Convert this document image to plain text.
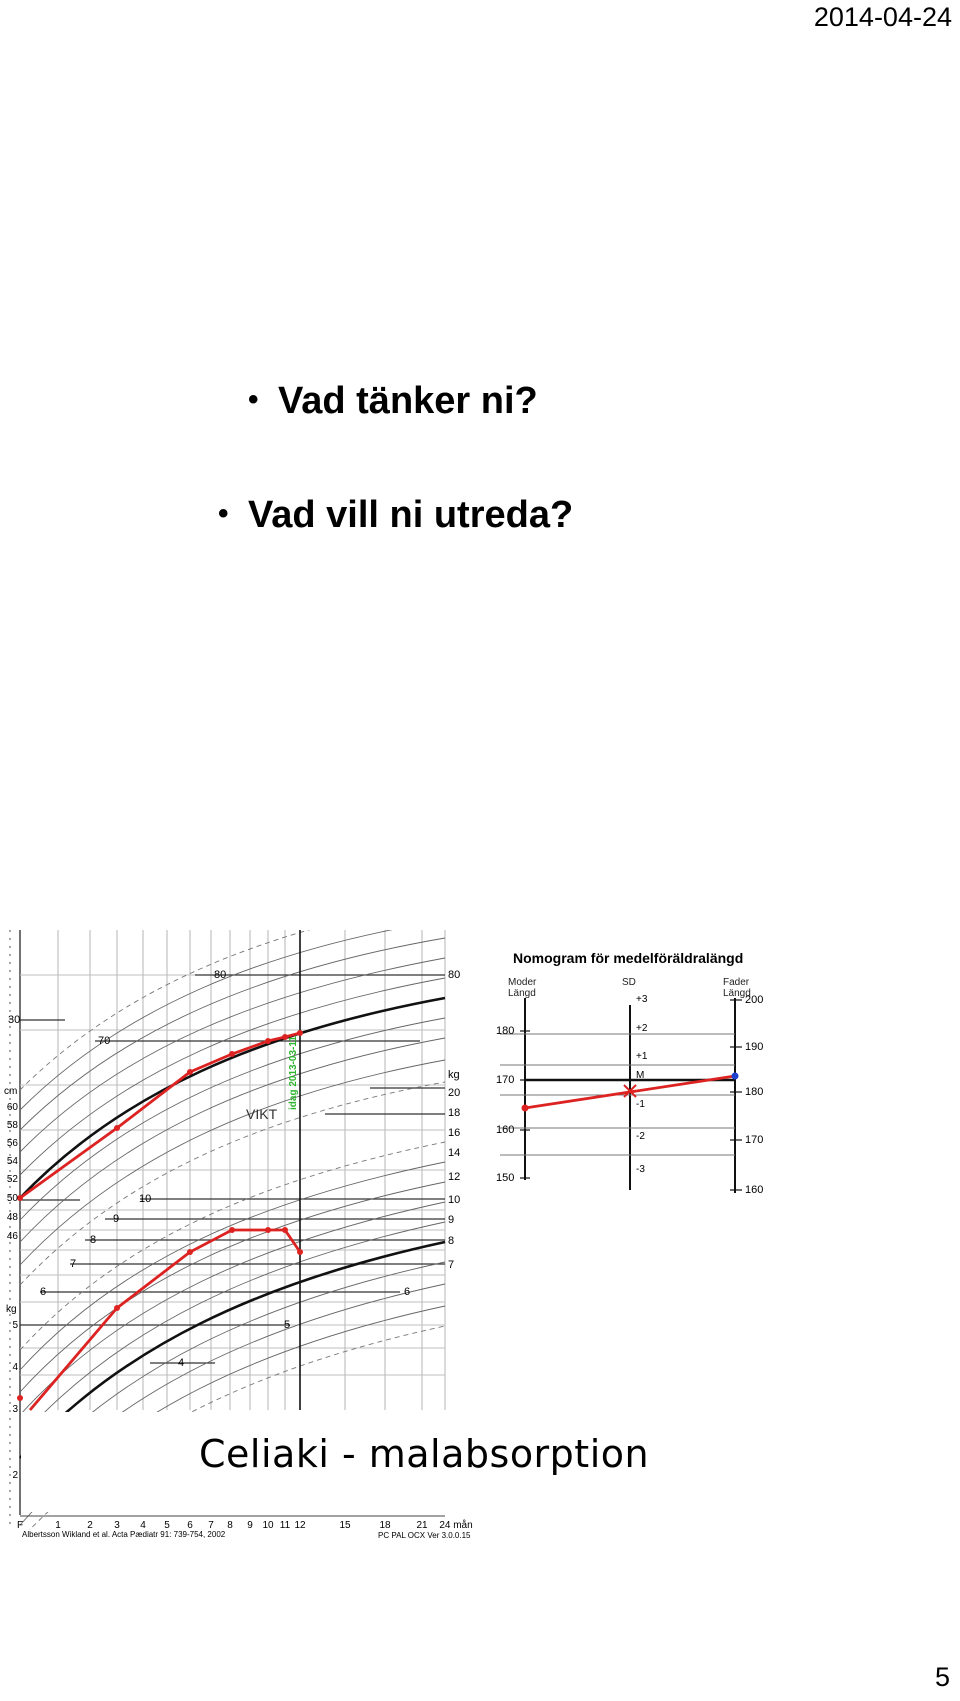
2014-04-24
• Vad tänker ni?
• Vad vill ni utreda?
cm
60
58
56
54
52
50
48
46
5
4
3
2
kg
kg
20
18
16
14
12
10
9
8
7
80
30
70
10
9
8
7
6	6
5
4
80
VIKT
idag 2013-03-11
F	1	2 3 4 5 6 7 8 9 10 11 12	15	18	21 24 mån
Nomogram för medelföräldralängd
Moder
Längd
SD	Fader
Längd
180
170
160
150
200
190
180
170
160
+3
+2
+1
M
-1
-2
-3
Albertsson Wikland et al. Acta Pædiatr 91: 739-754, 2002	PC PAL OCX Ver 3.0.0.15
Celiaki - malabsorption
5
